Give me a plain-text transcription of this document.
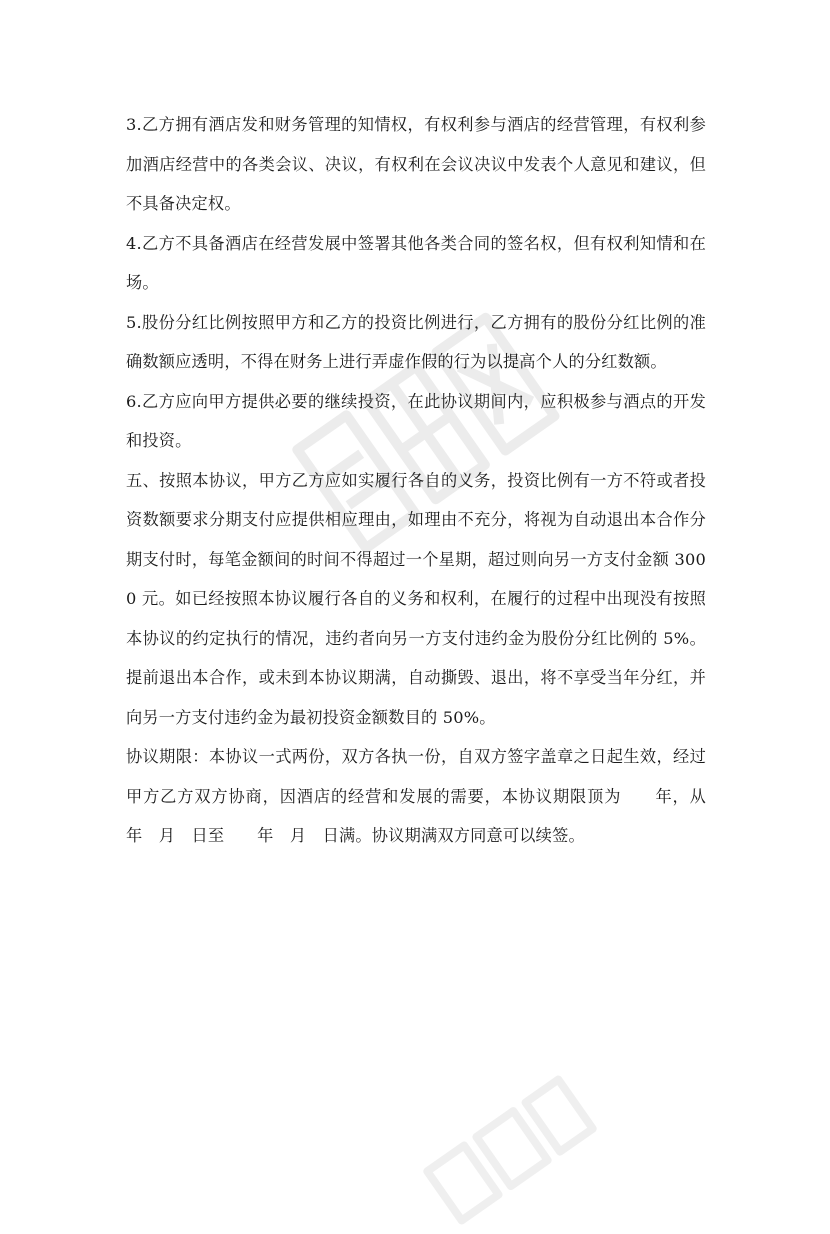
3.乙方拥有酒店发和财务管理的知情权，有权利参与酒店的经营管理，有权利参加酒店经营中的各类会议、决议，有权利在会议决议中发表个人意见和建议，但不具备决定权。

4.乙方不具备酒店在经营发展中签署其他各类合同的签名权，但有权利知情和在场。

5.股份分红比例按照甲方和乙方的投资比例进行，乙方拥有的股份分红比例的准确数额应透明，不得在财务上进行弄虚作假的行为以提高个人的分红数额。

6.乙方应向甲方提供必要的继续投资，在此协议期间内，应积极参与酒点的开发和投资。

五、按照本协议，甲方乙方应如实履行各自的义务，投资比例有一方不符或者投资数额要求分期支付应提供相应理由，如理由不充分，将视为自动退出本合作分期支付时，每笔金额间的时间不得超过一个星期，超过则向另一方支付金额 3000 元。如已经按照本协议履行各自的义务和权利，在履行的过程中出现没有按照本协议的约定执行的情况，违约者向另一方支付违约金为股份分红比例的 5%。提前退出本合作，或未到本协议期满，自动撕毁、退出，将不享受当年分红，并向另一方支付违约金为最初投资金额数目的 50%。

协议期限：本协议一式两份，双方各执一份，自双方签字盖章之日起生效，经过甲方乙方双方协商，因酒店的经营和发展的需要，本协议期限顶为　　年，从　年　月　日至　　年　月　日满。协议期满双方同意可以续签。
